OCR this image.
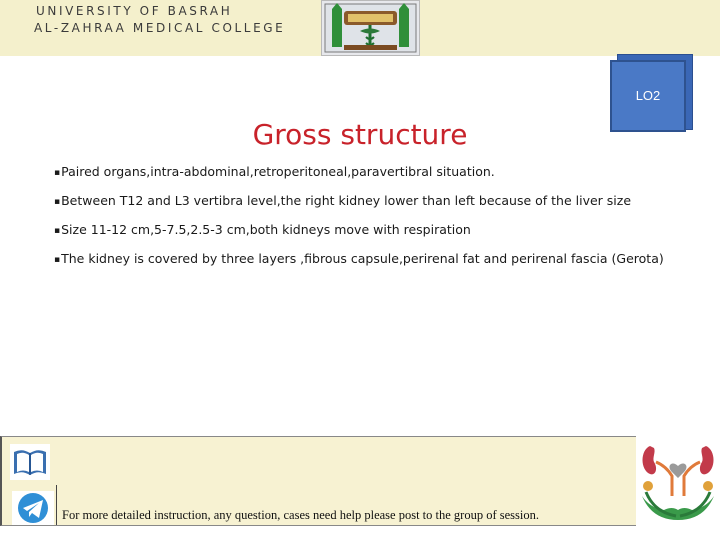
UNIVERSITY OF BASRAH
AL-ZAHRAA MEDICAL COLLEGE
LO2
Gross structure
▪Paired organs,intra-abdominal,retroperitoneal,paravertibral situation.
▪Between T12 and L3 vertibra level,the right kidney lower than left because of the liver size
▪Size 11-12 cm,5-7.5,2.5-3 cm,both kidneys move with respiration
▪The kidney is covered by three layers ,fibrous capsule,perirenal fat and perirenal fascia (Gerota)
For more detailed instruction, any question, cases need help please post to the group of session.
